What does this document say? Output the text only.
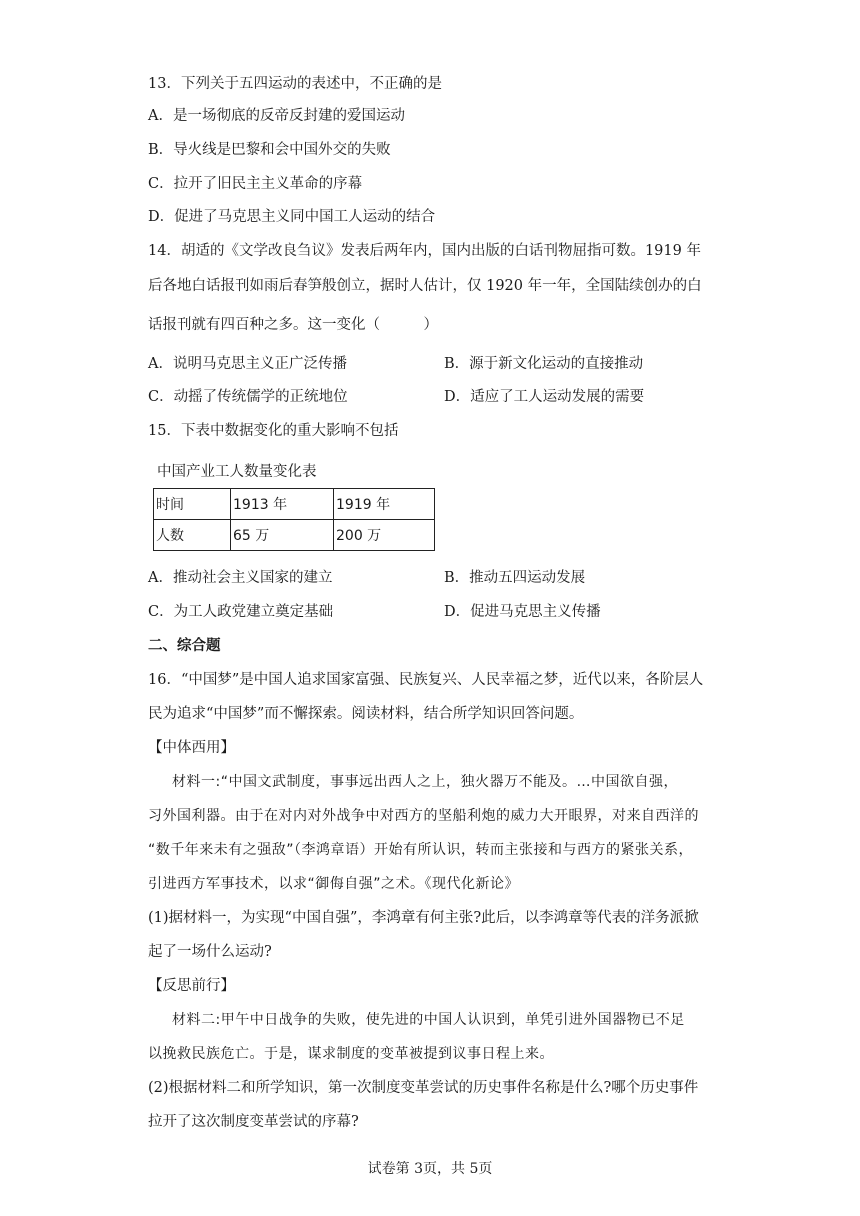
13．下列关于五四运动的表述中，不正确的是
A．是一场彻底的反帝反封建的爱国运动
B．导火线是巴黎和会中国外交的失败
C．拉开了旧民主主义革命的序幕
D．促进了马克思主义同中国工人运动的结合
14．胡适的《文学改良刍议》发表后两年内，国内出版的白话刊物屈指可数。1919 年
后各地白话报刊如雨后春笋般创立，据时人估计，仅 1920 年一年，全国陆续创办的白
话报刊就有四百种之多。这一变化（　　　）
A．说明马克思主义正广泛传播	B．源于新文化运动的直接推动
C．动摇了传统儒学的正统地位	D．适应了工人运动发展的需要
15．下表中数据变化的重大影响不包括
中国产业工人数量变化表
时间	1913 年	1919 年
人数	65 万	200 万
A．推动社会主义国家的建立	B．推动五四运动发展
C．为工人政党建立奠定基础	D．促进马克思主义传播
二、综合题
16．“中国梦”是中国人追求国家富强、民族复兴、人民幸福之梦，近代以来，各阶层人
民为追求“中国梦”而不懈探索。阅读材料，结合所学知识回答问题。
【中体西用】
材料一:“中国文武制度，事事远出西人之上，独火器万不能及。…中国欲自强，
习外国利器。由于在对内对外战争中对西方的坚船利炮的威力大开眼界，对来自西洋的
“数千年来未有之强敌”（李鸿章语）开始有所认识，转而主张接和与西方的紧张关系，
引进西方军事技术，以求“御侮自强”之术。《现代化新论》
(1)据材料一，为实现“中国自强”，李鸿章有何主张?此后，以李鸿章等代表的洋务派掀
起了一场什么运动?
【反思前行】
材料二:甲午中日战争的失败，使先进的中国人认识到，单凭引进外国器物已不足
以挽救民族危亡。于是，谋求制度的变革被提到议事日程上来。
(2)根据材料二和所学知识，第一次制度变革尝试的历史事件名称是什么?哪个历史事件
拉开了这次制度变革尝试的序幕?
试卷第 3页，共 5页
